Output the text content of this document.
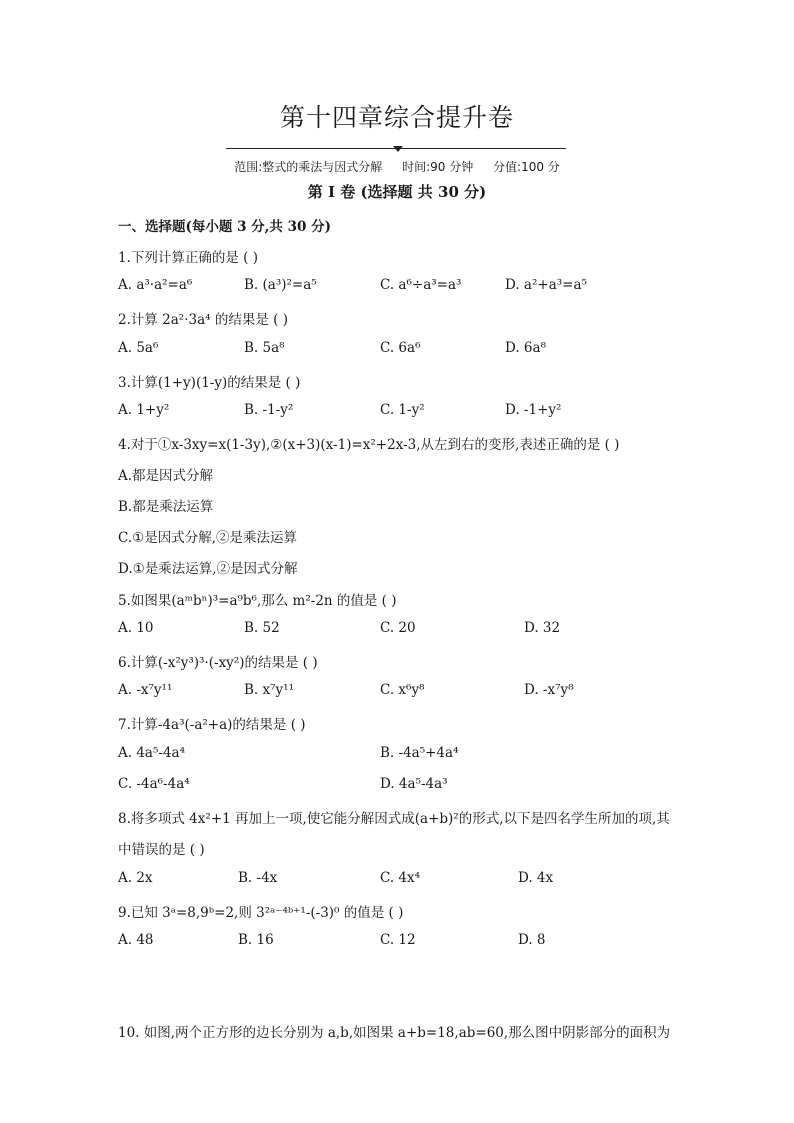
第十四章综合提升卷
范围:整式的乘法与因式分解 时间:90 分钟 分值:100 分
第 I 卷 (选择题 共 30 分)
一、选择题(每小题 3 分,共 30 分)
1.下列计算正确的是 ( )
A. a³·a²=a⁶	B. (a³)²=a⁵	C. a⁶÷a³=a³	D. a²+a³=a⁵
2.计算 2a²·3a⁴ 的结果是 ( )
A. 5a⁶	B. 5a⁸	C. 6a⁶	D. 6a⁸
3.计算(1+y)(1-y)的结果是 ( )
A. 1+y²	B. -1-y²	C. 1-y²	D. -1+y²
4.对于①x-3xy=x(1-3y),②(x+3)(x-1)=x²+2x-3,从左到右的变形,表述正确的是 ( )
A.都是因式分解
B.都是乘法运算
C.①是因式分解,②是乘法运算
D.①是乘法运算,②是因式分解
5.如图果(aᵐbⁿ)³=a⁹b⁶,那么 m²-2n 的值是 ( )
A. 10	B. 52	C. 20	D. 32
6.计算(-x²y³)³·(-xy²)的结果是 ( )
A. -x⁷y¹¹	B. x⁷y¹¹	C. x⁶y⁸	D. -x⁷y⁸
7.计算-4a³(-a²+a)的结果是 ( )
A. 4a⁵-4a⁴	B. -4a⁵+4a⁴
C. -4a⁶-4a⁴	D. 4a⁵-4a³
8.将多项式 4x²+1 再加上一项,使它能分解因式成(a+b)²的形式,以下是四名学生所加的项,其
中错误的是 ( )
A. 2x	B. -4x	C. 4x⁴	D. 4x
9.已知 3ᵃ=8,9ᵇ=2,则 3²ᵃ⁻⁴ᵇ⁺¹-(-3)⁰ 的值是 ( )
A. 48	B. 16	C. 12	D. 8
10. 如图,两个正方形的边长分别为 a,b,如图果 a+b=18,ab=60,那么图中阴影部分的面积为
